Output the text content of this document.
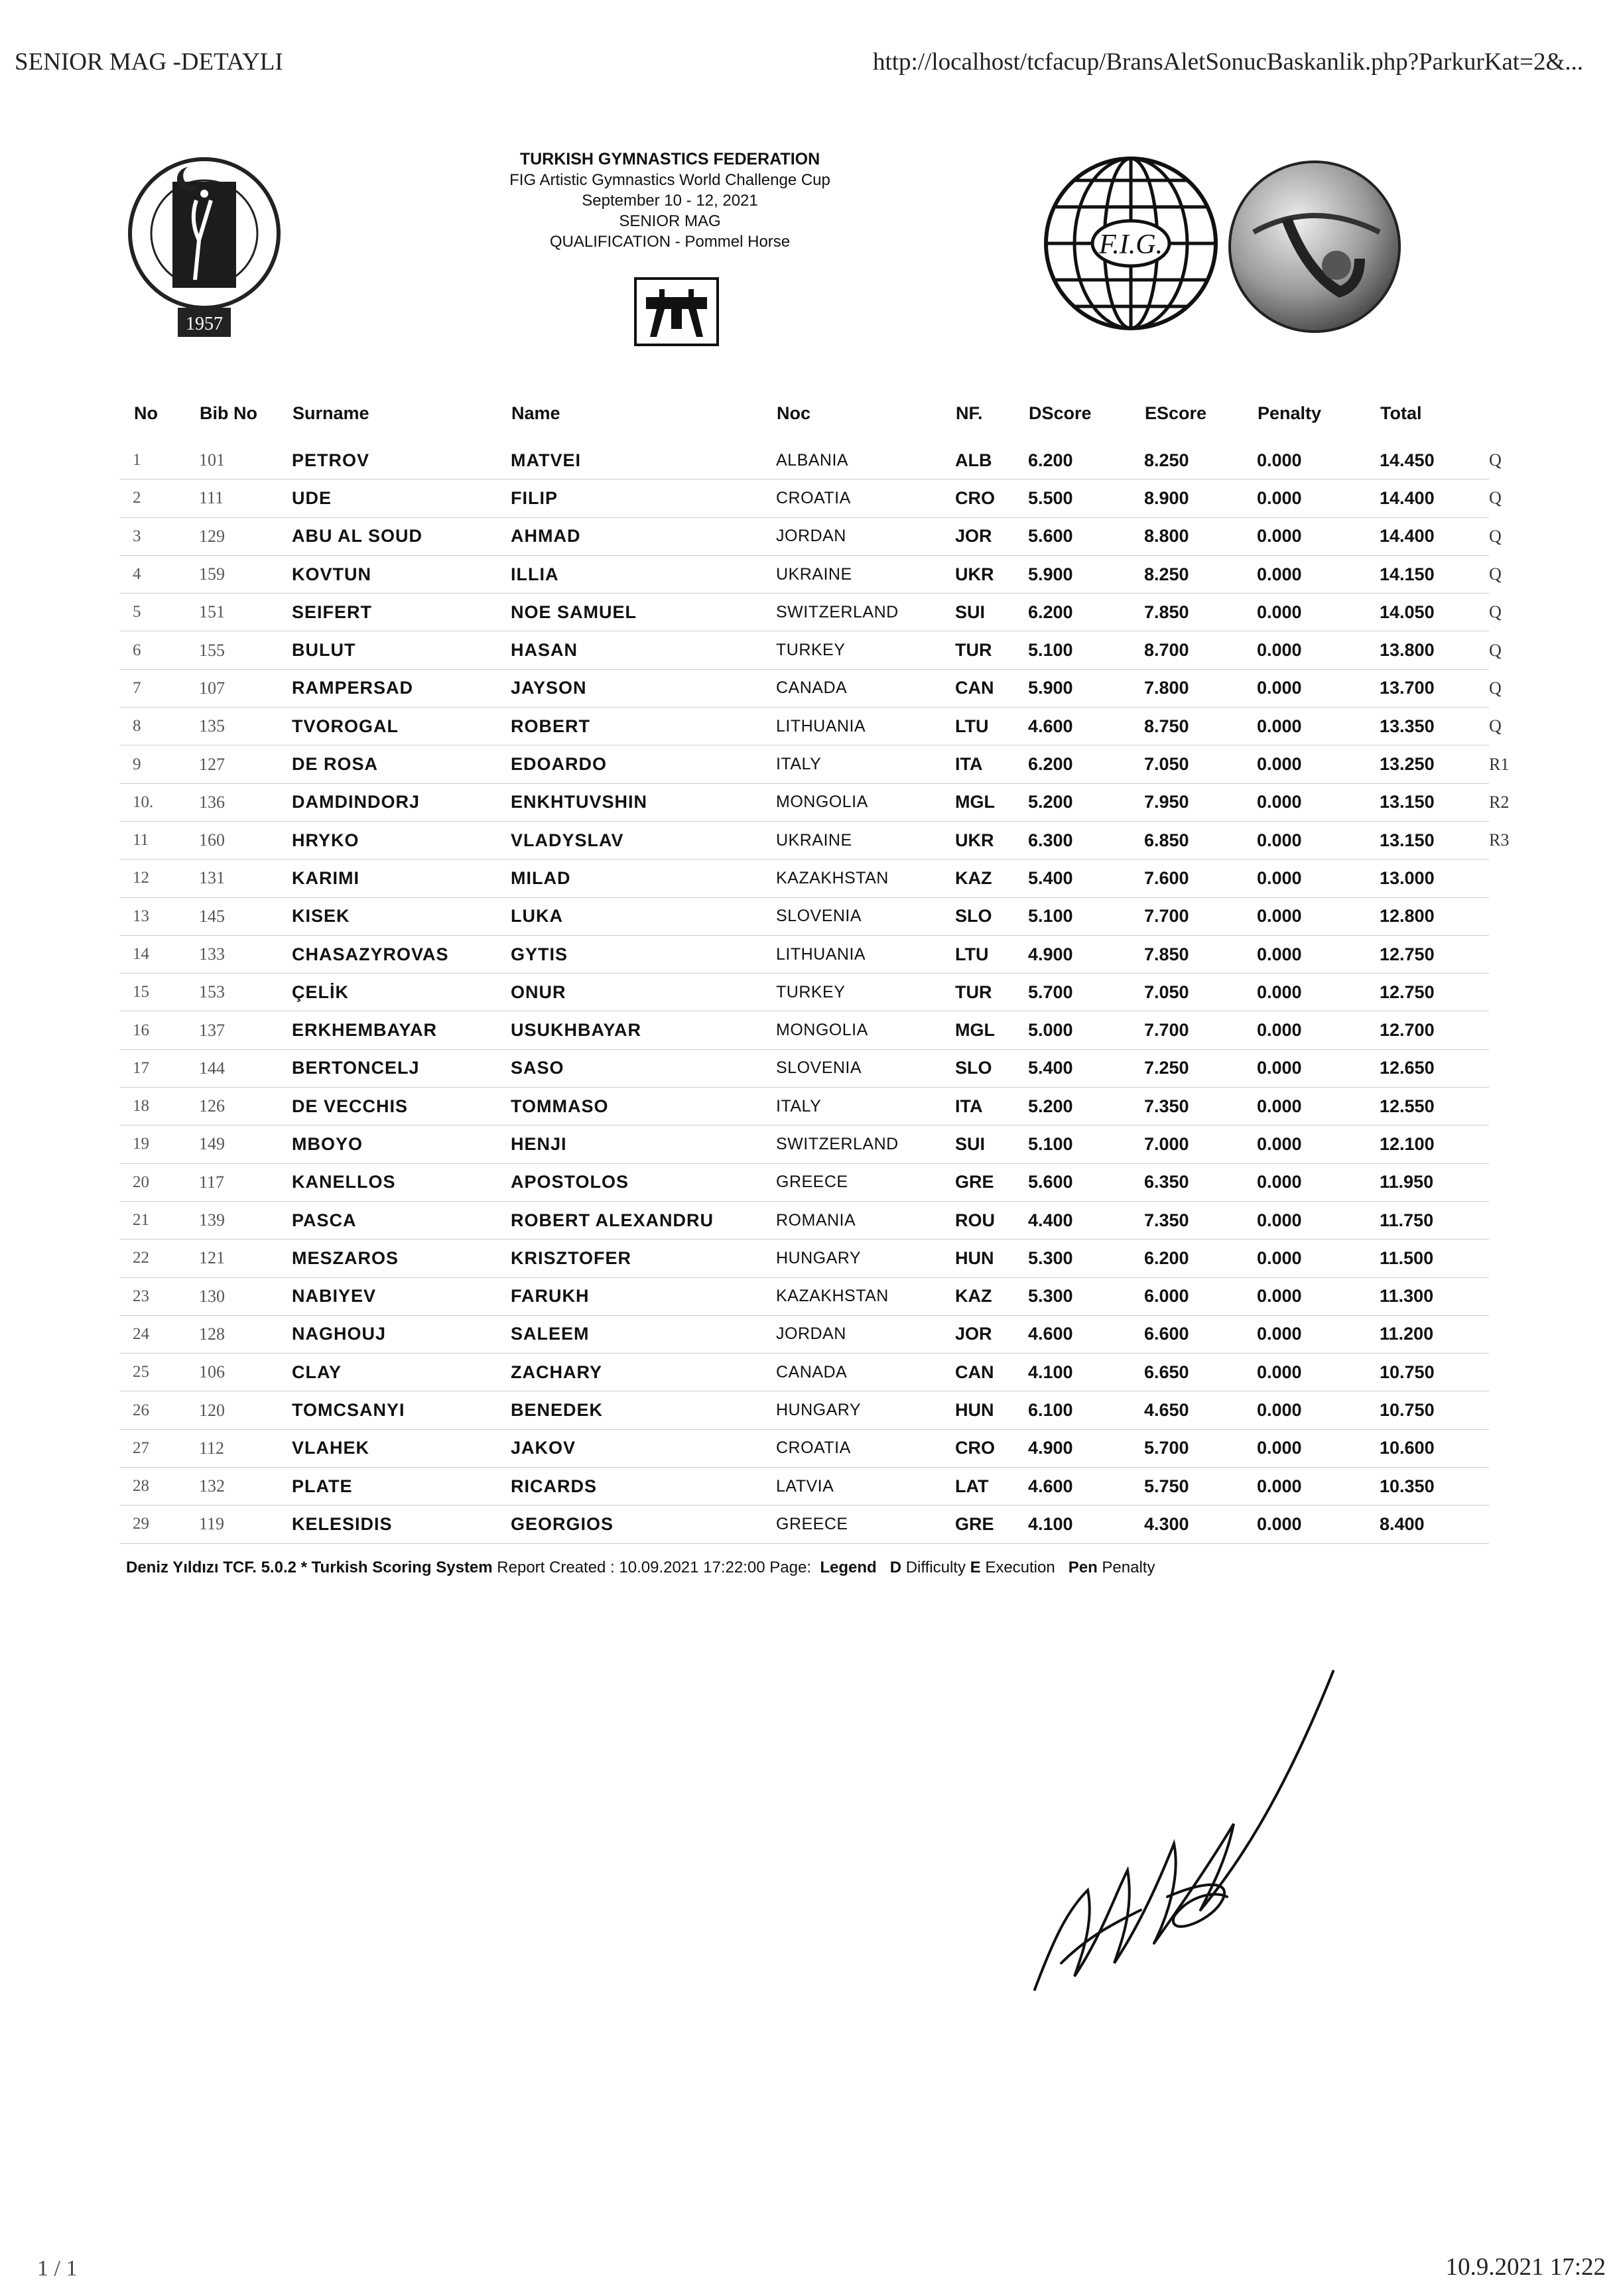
SENIOR MAG -DETAYLI	http://localhost/tcfacup/BransAletSonucBaskanlik.php?ParkurKat=2&...
1957
TURKISH GYMNASTICS FEDERATION
FIG Artistic Gymnastics World Challenge Cup
September 10 - 12, 2021
SENIOR MAG
QUALIFICATION - Pommel Horse	F.I.G.
No	Bib No	Surname	Name	Noc	NF.	DScore	EScore	Penalty	Total	
1	101	PETROV	MATVEI	ALBANIA	ALB	6.200	8.250	0.000	14.450	Q
2	111	UDE	FILIP	CROATIA	CRO	5.500	8.900	0.000	14.400	Q
3	129	ABU AL SOUD	AHMAD	JORDAN	JOR	5.600	8.800	0.000	14.400	Q
4	159	KOVTUN	ILLIA	UKRAINE	UKR	5.900	8.250	0.000	14.150	Q
5	151	SEIFERT	NOE SAMUEL	SWITZERLAND	SUI	6.200	7.850	0.000	14.050	Q
6	155	BULUT	HASAN	TURKEY	TUR	5.100	8.700	0.000	13.800	Q
7	107	RAMPERSAD	JAYSON	CANADA	CAN	5.900	7.800	0.000	13.700	Q
8	135	TVOROGAL	ROBERT	LITHUANIA	LTU	4.600	8.750	0.000	13.350	Q
9	127	DE ROSA	EDOARDO	ITALY	ITA	6.200	7.050	0.000	13.250	R1
10.	136	DAMDINDORJ	ENKHTUVSHIN	MONGOLIA	MGL	5.200	7.950	0.000	13.150	R2
11	160	HRYKO	VLADYSLAV	UKRAINE	UKR	6.300	6.850	0.000	13.150	R3
12	131	KARIMI	MILAD	KAZAKHSTAN	KAZ	5.400	7.600	0.000	13.000	
13	145	KISEK	LUKA	SLOVENIA	SLO	5.100	7.700	0.000	12.800	
14	133	CHASAZYROVAS	GYTIS	LITHUANIA	LTU	4.900	7.850	0.000	12.750	
15	153	ÇELİK	ONUR	TURKEY	TUR	5.700	7.050	0.000	12.750	
16	137	ERKHEMBAYAR	USUKHBAYAR	MONGOLIA	MGL	5.000	7.700	0.000	12.700	
17	144	BERTONCELJ	SASO	SLOVENIA	SLO	5.400	7.250	0.000	12.650	
18	126	DE VECCHIS	TOMMASO	ITALY	ITA	5.200	7.350	0.000	12.550	
19	149	MBOYO	HENJI	SWITZERLAND	SUI	5.100	7.000	0.000	12.100	
20	117	KANELLOS	APOSTOLOS	GREECE	GRE	5.600	6.350	0.000	11.950	
21	139	PASCA	ROBERT ALEXANDRU	ROMANIA	ROU	4.400	7.350	0.000	11.750	
22	121	MESZAROS	KRISZTOFER	HUNGARY	HUN	5.300	6.200	0.000	11.500	
23	130	NABIYEV	FARUKH	KAZAKHSTAN	KAZ	5.300	6.000	0.000	11.300	
24	128	NAGHOUJ	SALEEM	JORDAN	JOR	4.600	6.600	0.000	11.200	
25	106	CLAY	ZACHARY	CANADA	CAN	4.100	6.650	0.000	10.750	
26	120	TOMCSANYI	BENEDEK	HUNGARY	HUN	6.100	4.650	0.000	10.750	
27	112	VLAHEK	JAKOV	CROATIA	CRO	4.900	5.700	0.000	10.600	
28	132	PLATE	RICARDS	LATVIA	LAT	4.600	5.750	0.000	10.350	
29	119	KELESIDIS	GEORGIOS	GREECE	GRE	4.100	4.300	0.000	8.400	
Deniz Yıldızı TCF. 5.0.2 * Turkish Scoring System Report Created : 10.09.2021 17:22:00 Page: Legend D Difficulty E Execution Pen Penalty
1 / 1	10.9.2021 17:22
